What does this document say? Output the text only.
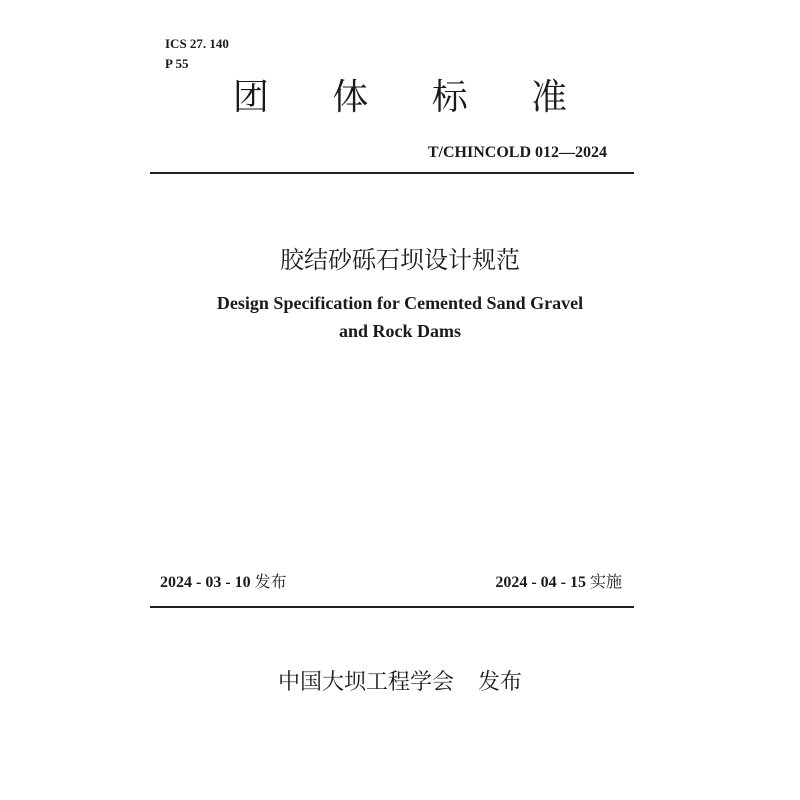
ICS 27. 140
P 55
团 体 标 准
T/CHINCOLD 012—2024
胶结砂砾石坝设计规范
Design Specification for Cemented Sand Gravel
and Rock Dams
2024 - 03 - 10 发布	2024 - 04 - 15 实施
中国大坝工程学会 发布
